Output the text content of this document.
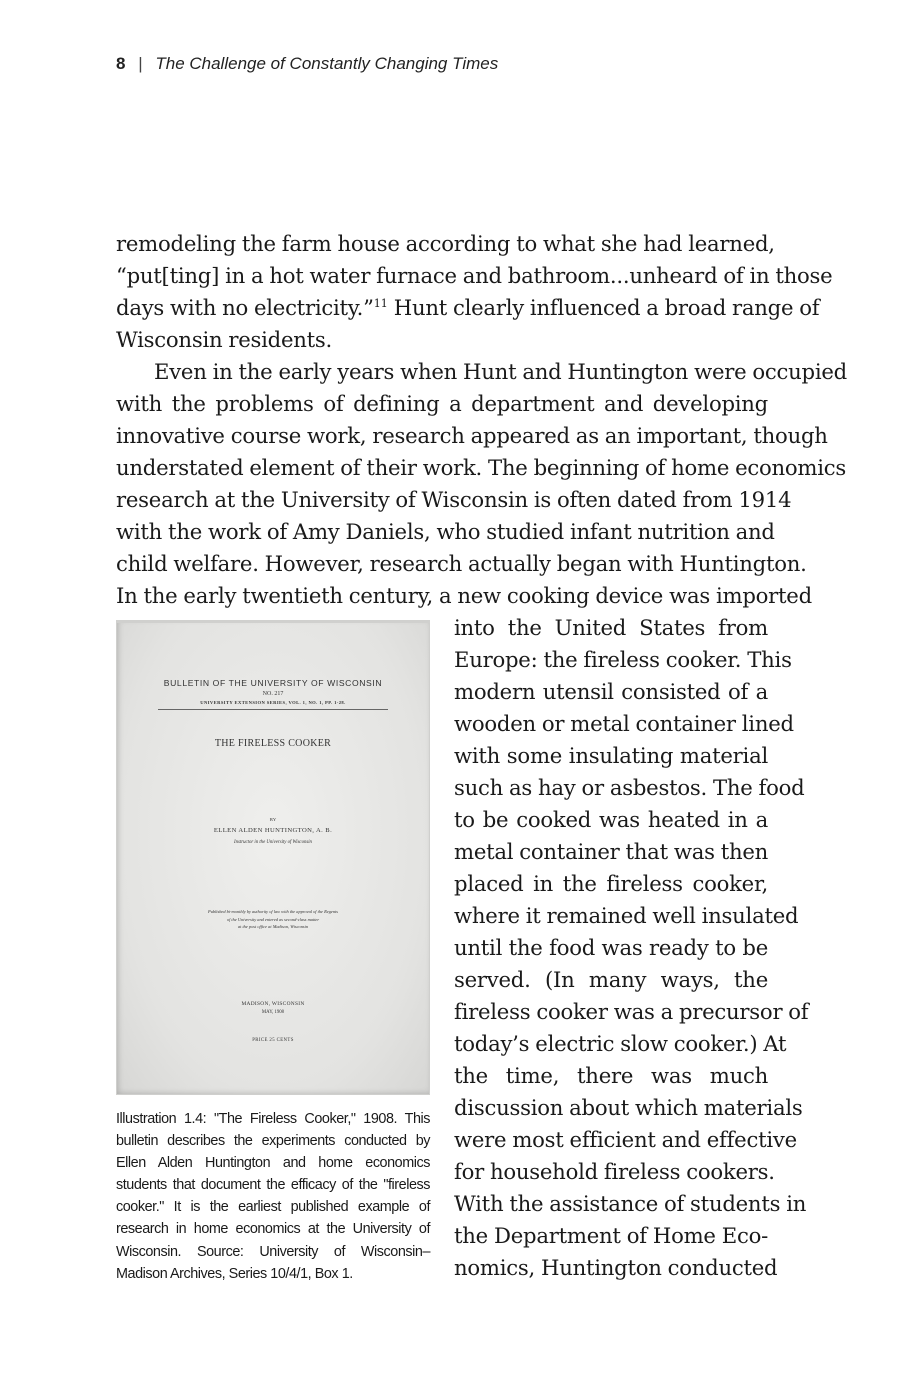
8 | The Challenge of Constantly Changing Times
remodeling the farm house according to what she had learned,
“put[ting] in a hot water furnace and bathroom...unheard of in those
days with no electricity.”$^{11}$ Hunt clearly influenced a broad range of
Wisconsin residents.
Even in the early years when Hunt and Huntington were occupied
with the problems of defining a department and developing
innovative course work, research appeared as an important, though
understated element of their work. The beginning of home economics
research at the University of Wisconsin is often dated from 1914
with the work of Amy Daniels, who studied infant nutrition and
child welfare. However, research actually began with Huntington.
In the early twentieth century, a new cooking device was imported
BULLETIN OF THE UNIVERSITY OF WISCONSIN
NO. 217
UNIVERSITY EXTENSION SERIES, VOL. 1, NO. 1, PP. 1-28.
THE FIRELESS COOKER
BY
ELLEN ALDEN HUNTINGTON, A. B.
Instructor in the University of Wisconsin
Published bi-monthly by authority of law with the approval of the Regents
of the University and entered as second-class matter
at the post office at Madison, Wisconsin
MADISON, WISCONSIN
MAY, 1908
PRICE 25 CENTS
into the United States from
Europe: the fireless cooker. This
modern utensil consisted of a
wooden or metal container lined
with some insulating material
such as hay or asbestos. The food
to be cooked was heated in a
metal container that was then
placed in the fireless cooker,
where it remained well insulated
until the food was ready to be
served. (In many ways, the
fireless cooker was a precursor of
today’s electric slow cooker.) At
the time, there was much
discussion about which materials
were most efficient and effective
for household fireless cookers.
With the assistance of students in
the Department of Home Eco-
nomics, Huntington conducted
Illustration 1.4: "The Fireless Cooker," 1908. This
bulletin describes the experiments conducted by
Ellen Alden Huntington and home economics
students that document the efficacy of the "fireless
cooker." It is the earliest published example of
research in home economics at the University of
Wisconsin. Source: University of Wisconsin–
Madison Archives, Series 10/4/1, Box 1.
